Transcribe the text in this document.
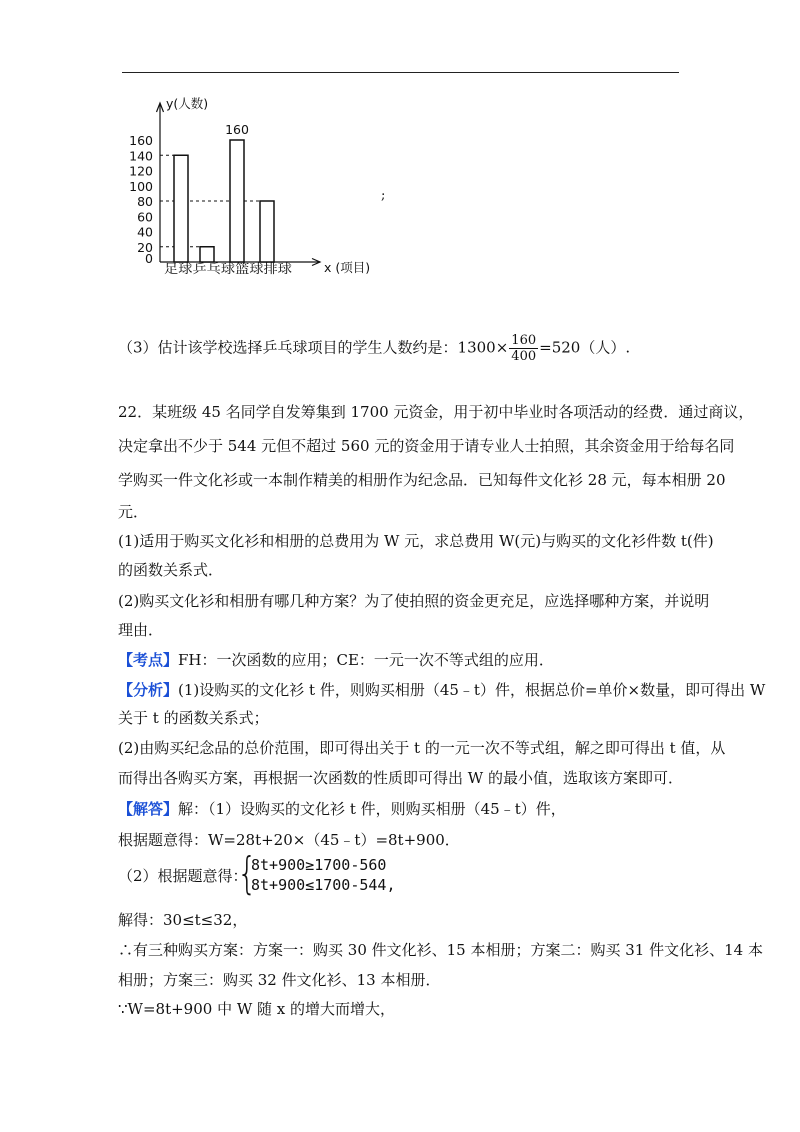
160
140
120
100
80
60
40
20
0
160
y(人数)
x (项目)
足球乒乓球篮球排球
;
（3）估计该学校选择乒乓球项目的学生人数约是：$1300\times \frac{160}{400} =520$（人）.
22．某班级 45 名同学自发筹集到 1700 元资金，用于初中毕业时各项活动的经费．通过商议，
决定拿出不少于 544 元但不超过 560 元的资金用于请专业人士拍照，其余资金用于给每名同
学购买一件文化衫或一本制作精美的相册作为纪念品．已知每件文化衫 28 元，每本相册 20
元．
(1)适用于购买文化衫和相册的总费用为 W 元，求总费用 W(元)与购买的文化衫件数 t(件)
的函数关系式．
(2)购买文化衫和相册有哪几种方案？为了使拍照的资金更充足，应选择哪种方案，并说明
理由．
【考点】FH：一次函数的应用；CE：一元一次不等式组的应用．
【分析】(1)设购买的文化衫 t 件，则购买相册（45﹣t）件，根据总价=单价×数量，即可得出 W
关于 t 的函数关系式；
(2)由购买纪念品的总价范围，即可得出关于 t 的一元一次不等式组，解之即可得出 t 值，从
而得出各购买方案，再根据一次函数的性质即可得出 W 的最小值，选取该方案即可．
【解答】解：（1）设购买的文化衫 t 件，则购买相册（45﹣t）件，
根据题意得：W=28t+20×（45﹣t）=8t+900．
（2）根据题意得：
{
8t+900≥1700-560
8t+900≤1700-544,
解得：30≤t≤32，
∴有三种购买方案：方案一：购买 30 件文化衫、15 本相册；方案二：购买 31 件文化衫、14 本
相册；方案三：购买 32 件文化衫、13 本相册．
∵W=8t+900 中 W 随 x 的增大而增大，
